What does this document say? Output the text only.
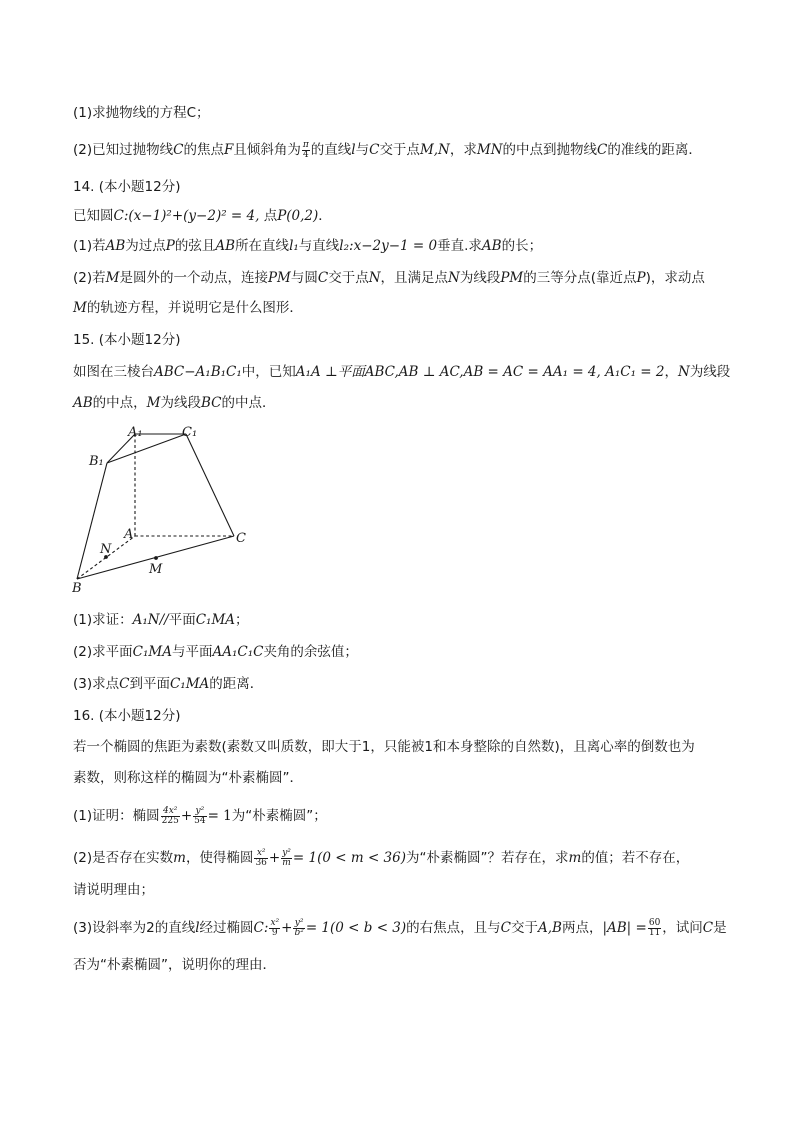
(1)求抛物线的方程C；
(2)已知过抛物线C的焦点F且倾斜角为 $\frac{\pi}{4}$ 的直线l与C交于点M,N，求MN的中点到抛物线C的准线的距离．
14. (本小题12分)
已知圆C:(x−1)²+(y−2)² = 4, 点P(0,2)．
(1)若AB为过点P的弦且AB所在直线l₁与直线l₂:x−2y−1 = 0垂直.求AB的长；
(2)若M是圆外的一个动点，连接PM与圆C交于点N，且满足点N为线段PM的三等分点(靠近点P)，求动点
M的轨迹方程，并说明它是什么图形．
15. (本小题12分)
如图在三棱台ABC−A₁B₁C₁中，已知A₁A ⊥平面ABC,AB ⊥ AC,AB = AC = AA₁ = 4, A₁C₁ = 2，N为线段
AB的中点，M为线段BC的中点．
A₁	C₁
B₁
A	C
N
M
B
(1)求证：A₁N//平面C₁MA；
(2)求平面C₁MA与平面AA₁C₁C夹角的余弦值；
(3)求点C到平面C₁MA的距离．
16. (本小题12分)
若一个椭圆的焦距为素数(素数又叫质数，即大于1，只能被1和本身整除的自然数)，且离心率的倒数也为
素数，则称这样的椭圆为“朴素椭圆”．
(1)证明：椭圆 $\frac{\text{4x²}}{225} + \frac{\text{y²}}{54} = 1$为“朴素椭圆”；
(2)是否存在实数m，使得椭圆 $\frac{\text{x²}}{36} + \frac{\text{y²}}{m} = 1(0 < m < 36)$为“朴素椭圆”？若存在，求m的值；若不存在，
请说明理由；
(3)设斜率为2的直线l经过椭圆C: $\frac{\text{x²}}{9} + \frac{\text{y²}}{\text{b²}} = 1(0 < b < 3)$的右焦点，且与C交于A,B两点，$|AB| = \frac{60}{11}$ ，试问C是
否为“朴素椭圆”，说明你的理由．
